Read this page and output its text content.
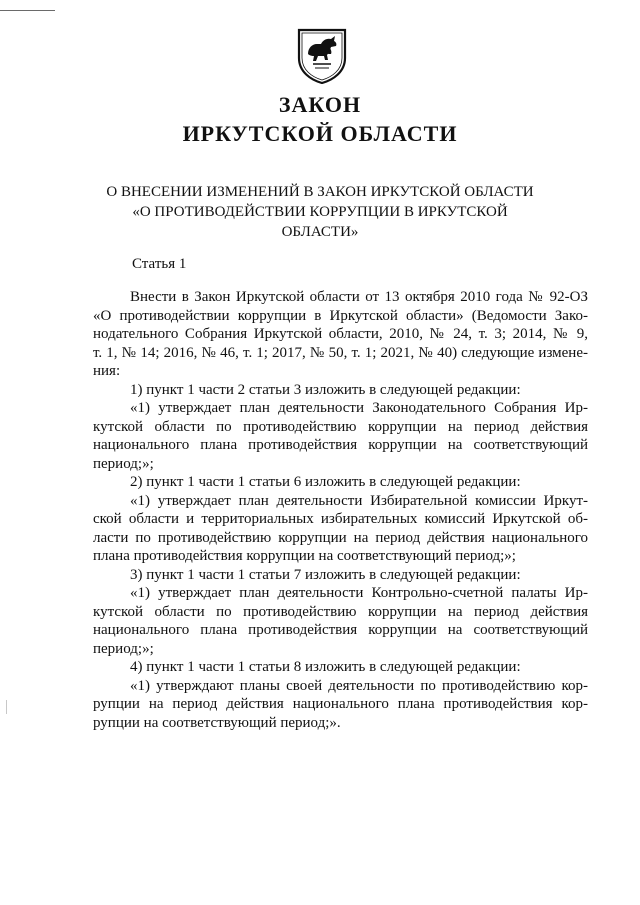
ЗАКОН
ИРКУТСКОЙ ОБЛАСТИ
О ВНЕСЕНИИ ИЗМЕНЕНИЙ В ЗАКОН ИРКУТСКОЙ ОБЛАСТИ
«О ПРОТИВОДЕЙСТВИИ КОРРУПЦИИ В ИРКУТСКОЙ
ОБЛАСТИ»
Статья 1
Внести в Закон Иркутской области от 13 октября 2010 года № 92-ОЗ
«О противодействии коррупции в Иркутской области» (Ведомости Зако-
нодательного Собрания Иркутской области, 2010, № 24, т. 3; 2014, № 9,
т. 1, № 14; 2016, № 46, т. 1; 2017, № 50, т. 1; 2021, № 40) следующие измене-
ния:
1) пункт 1 части 2 статьи 3 изложить в следующей редакции:
«1) утверждает план деятельности Законодательного Собрания Ир-
кутской области по противодействию коррупции на период действия
национального плана противодействия коррупции на соответствующий
период;»;
2) пункт 1 части 1 статьи 6 изложить в следующей редакции:
«1) утверждает план деятельности Избирательной комиссии Иркут-
ской области и территориальных избирательных комиссий Иркутской об-
ласти по противодействию коррупции на период действия национального
плана противодействия коррупции на соответствующий период;»;
3) пункт 1 части 1 статьи 7 изложить в следующей редакции:
«1) утверждает план деятельности Контрольно-счетной палаты Ир-
кутской области по противодействию коррупции на период действия
национального плана противодействия коррупции на соответствующий
период;»;
4) пункт 1 части 1 статьи 8 изложить в следующей редакции:
«1) утверждают планы своей деятельности по противодействию кор-
рупции на период действия национального плана противодействия кор-
рупции на соответствующий период;».
